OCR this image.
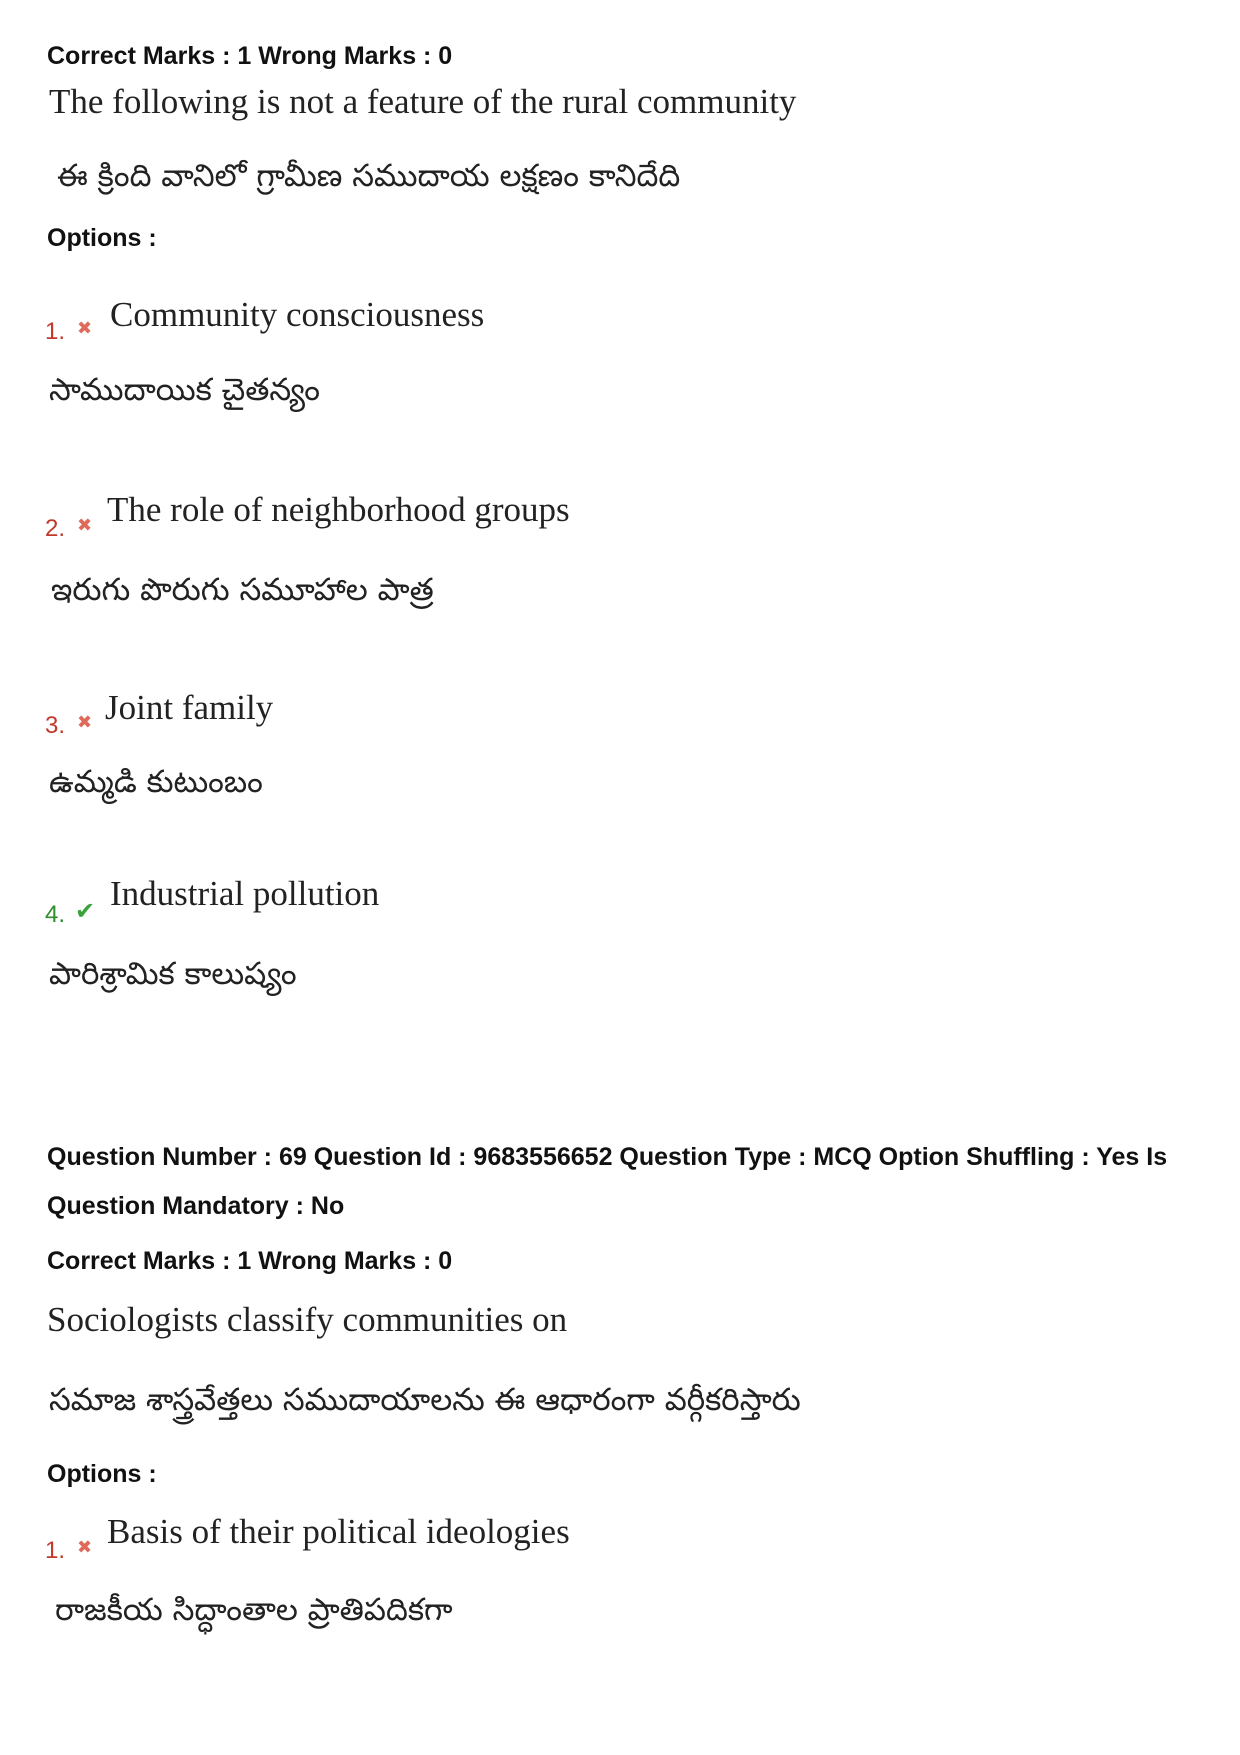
Correct Marks : 1 Wrong Marks : 0
The following is not a feature of the rural community
ఈ క్రింది వానిలో గ్రామీణ సముదాయ లక్షణం కానిదేది
Options :
1. ✖ Community consciousness
సాముదాయిక చైతన్యం
2. ✖ The role of neighborhood groups
ఇరుగు పొరుగు సమూహాల పాత్ర
3. ✖ Joint family
ఉమ్మడి కుటుంబం
4. ✔ Industrial pollution
పారిశ్రామిక కాలుష్యం
Question Number : 69 Question Id : 9683556652 Question Type : MCQ Option Shuffling : Yes Is
Question Mandatory : No
Correct Marks : 1 Wrong Marks : 0
Sociologists classify communities on
సమాజ శాస్త్రవేత్తలు సముదాయాలను ఈ ఆధారంగా వర్గీకరిస్తారు
Options :
1. ✖ Basis of their political ideologies
రాజకీయ సిద్ధాంతాల ప్రాతిపదికగా
